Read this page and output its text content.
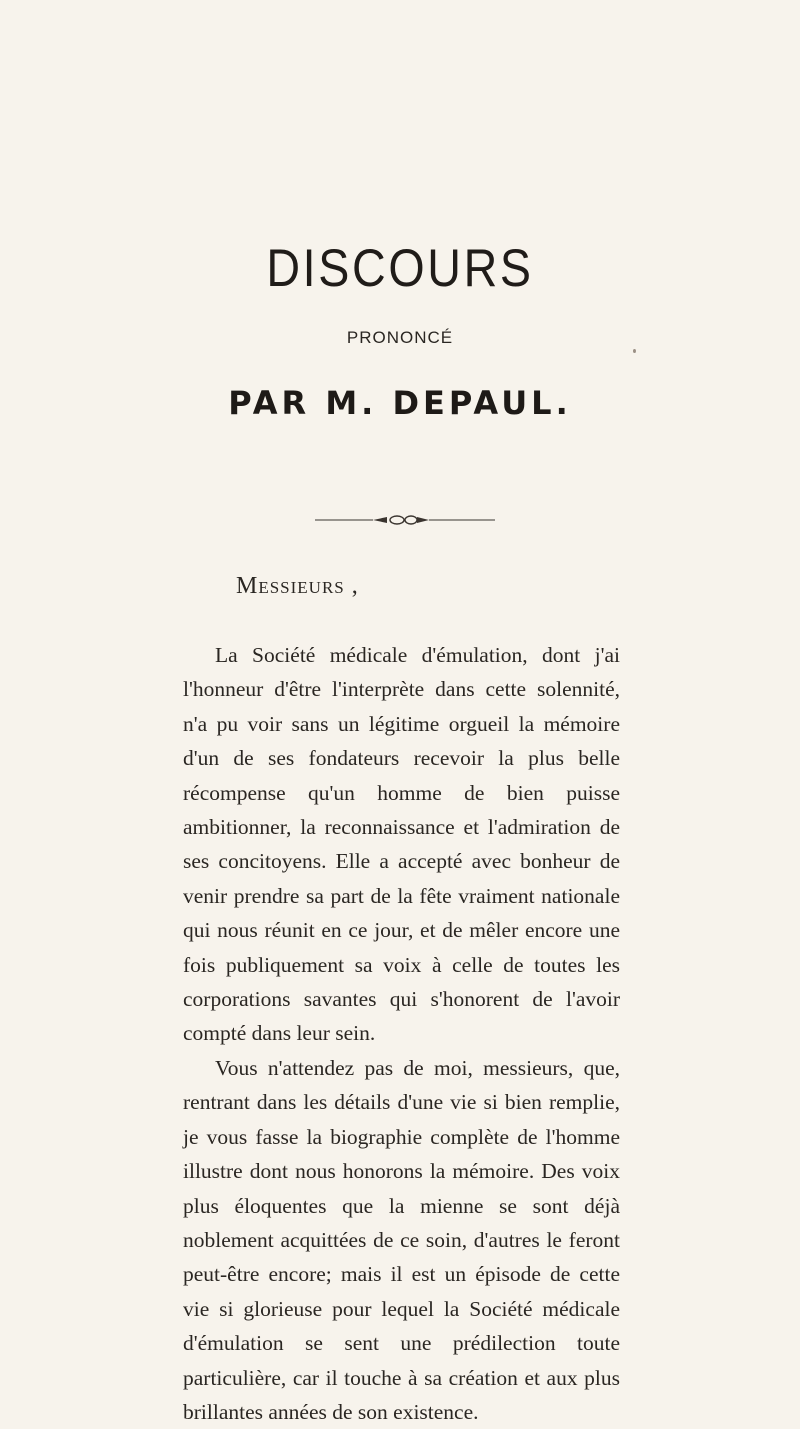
DISCOURS
PRONONCÉ
PAR M. DEPAUL.
Messieurs ,

La Société médicale d'émulation, dont j'ai l'honneur d'être l'interprète dans cette solennité, n'a pu voir sans un légitime orgueil la mémoire d'un de ses fondateurs recevoir la plus belle récompense qu'un homme de bien puisse ambitionner, la reconnaissance et l'admiration de ses concitoyens. Elle a accepté avec bonheur de venir prendre sa part de la fête vraiment nationale qui nous réunit en ce jour, et de mêler encore une fois publiquement sa voix à celle de toutes les corporations savantes qui s'honorent de l'avoir compté dans leur sein.

Vous n'attendez pas de moi, messieurs, que, rentrant dans les détails d'une vie si bien remplie, je vous fasse la biographie complète de l'homme illustre dont nous honorons la mémoire. Des voix plus éloquentes que la mienne se sont déjà noblement acquittées de ce soin, d'autres le feront peut-être encore; mais il est un épisode de cette vie si glorieuse pour lequel la Société médicale d'émulation se sent une prédilection toute particulière, car il touche à sa création et aux plus brillantes années de son existence.
